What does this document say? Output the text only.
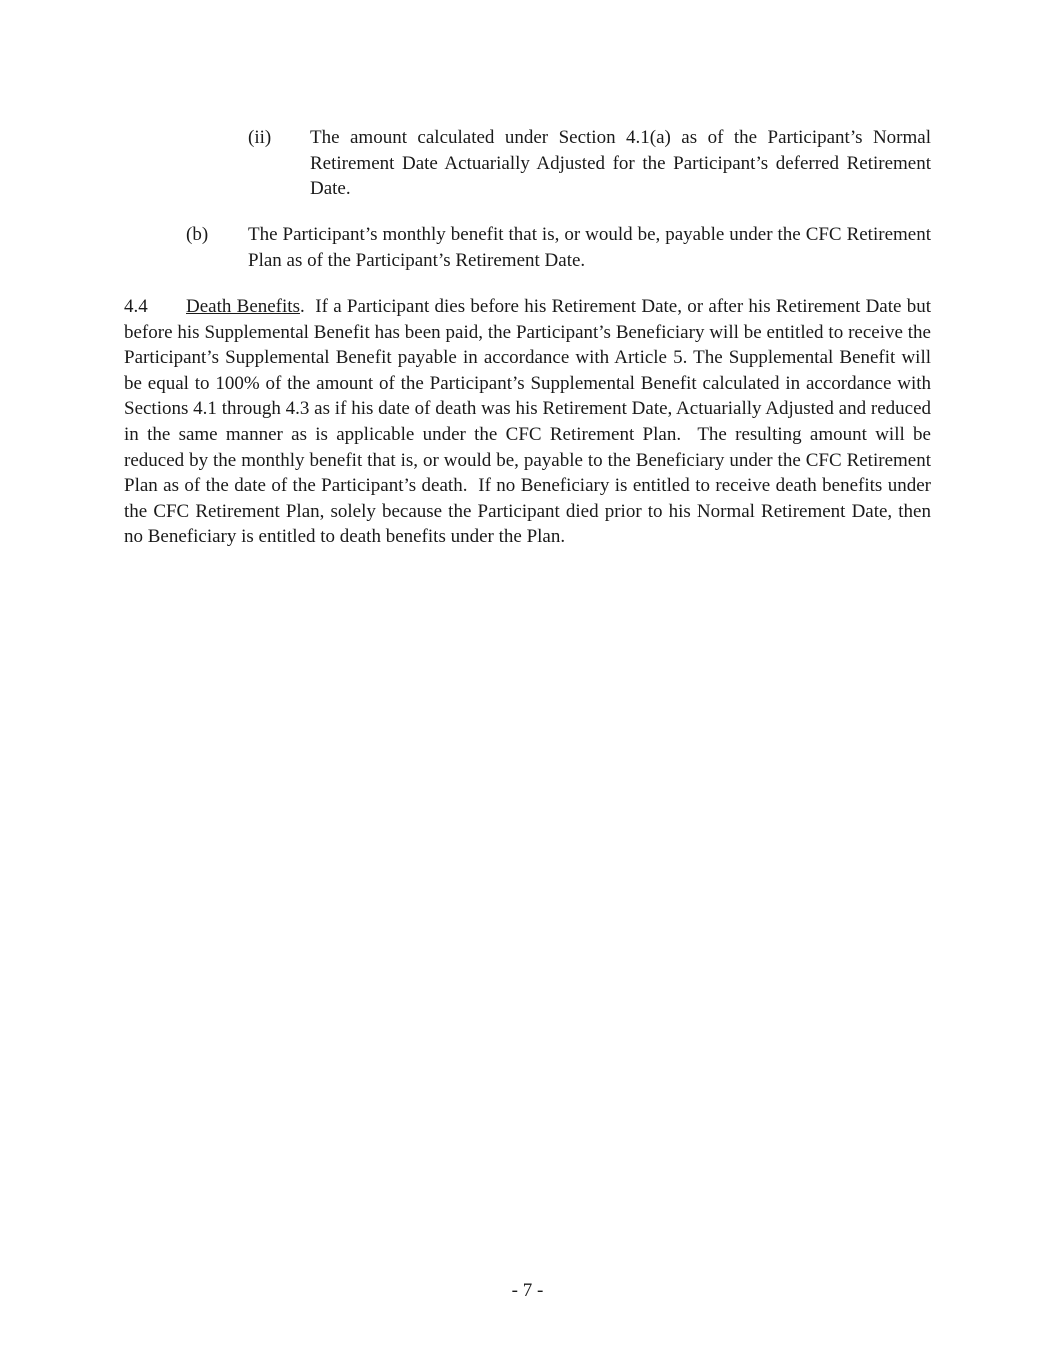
(ii) The amount calculated under Section 4.1(a) as of the Participant’s Normal Retirement Date Actuarially Adjusted for the Participant’s deferred Retirement Date.
(b) The Participant’s monthly benefit that is, or would be, payable under the CFC Retirement Plan as of the Participant’s Retirement Date.
4.4 Death Benefits.  If a Participant dies before his Retirement Date, or after his Retirement Date but before his Supplemental Benefit has been paid, the Participant’s Beneficiary will be entitled to receive the Participant’s Supplemental Benefit payable in accordance with Article 5. The Supplemental Benefit will be equal to 100% of the amount of the Participant’s Supplemental Benefit calculated in accordance with Sections 4.1 through 4.3 as if his date of death was his Retirement Date, Actuarially Adjusted and reduced in the same manner as is applicable under the CFC Retirement Plan.  The resulting amount will be reduced by the monthly benefit that is, or would be, payable to the Beneficiary under the CFC Retirement Plan as of the date of the Participant’s death.  If no Beneficiary is entitled to receive death benefits under the CFC Retirement Plan, solely because the Participant died prior to his Normal Retirement Date, then no Beneficiary is entitled to death benefits under the Plan.
- 7 -
